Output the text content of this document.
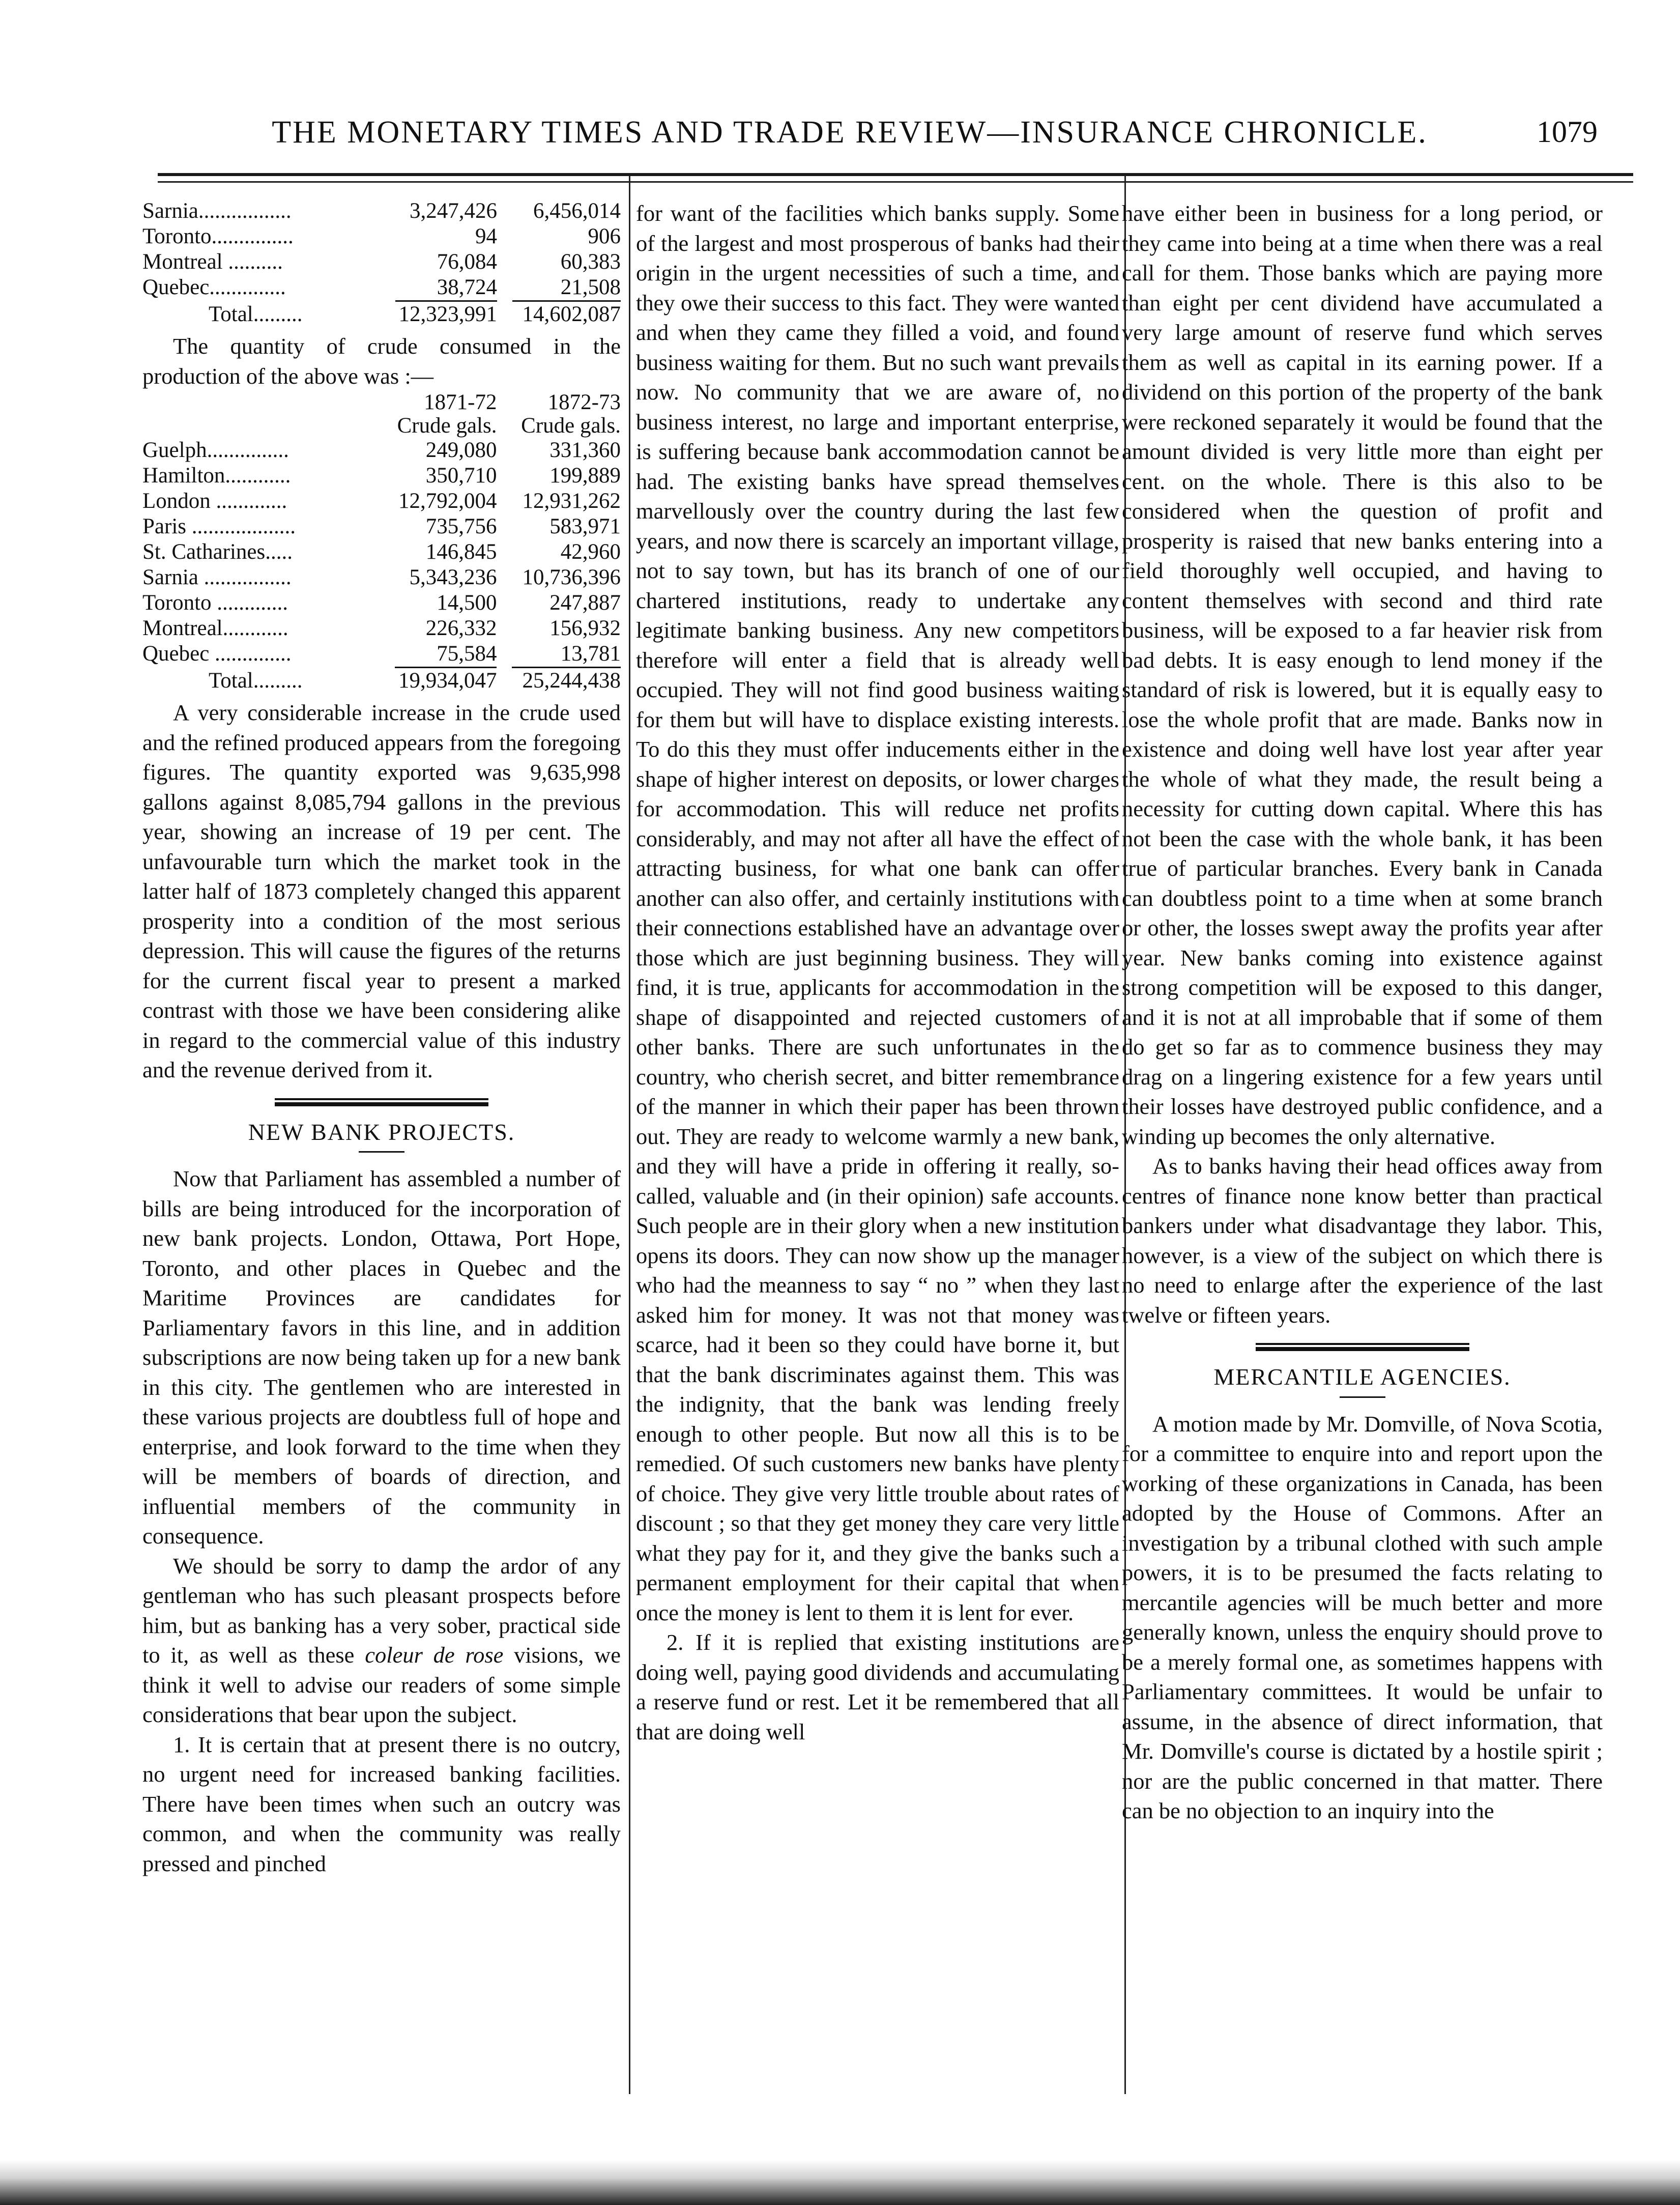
THE MONETARY TIMES AND TRADE REVIEW—INSURANCE CHRONICLE.	1079
Sarnia.................	3,247,426	6,456,014
Toronto...............	94	906
Montreal ..........	76,084	60,383
Quebec..............	38,724	21,508

Total.........	12,323,991	14,602,087

The quantity of crude consumed in the production of the above was :—

	1871-72	1872-73
	Crude gals.	Crude gals.
Guelph...............	249,080	331,360
Hamilton............	350,710	199,889
London .............	12,792,004	12,931,262
Paris ...................	735,756	583,971
St. Catharines.....	146,845	42,960
Sarnia ................	5,343,236	10,736,396
Toronto .............	14,500	247,887
Montreal............	226,332	156,932
Quebec ..............	75,584	13,781

Total.........	19,934,047	25,244,438

A very considerable increase in the crude used and the refined produced appears from the foregoing figures. The quantity exported was 9,635,998 gallons against 8,085,794 gallons in the previous year, showing an increase of 19 per cent. The unfavourable turn which the market took in the latter half of 1873 completely changed this apparent prosperity into a condition of the most serious depression. This will cause the figures of the returns for the current fiscal year to present a marked contrast with those we have been considering alike in regard to the commercial value of this industry and the revenue derived from it.

NEW BANK PROJECTS.

Now that Parliament has assembled a number of bills are being introduced for the incorporation of new bank projects. London, Ottawa, Port Hope, Toronto, and other places in Quebec and the Maritime Provinces are candidates for Parliamentary favors in this line, and in addition subscriptions are now being taken up for a new bank in this city. The gentlemen who are interested in these various projects are doubtless full of hope and enterprise, and look forward to the time when they will be members of boards of direction, and influential members of the community in consequence.

We should be sorry to damp the ardor of any gentleman who has such pleasant prospects before him, but as banking has a very sober, practical side to it, as well as these coleur de rose visions, we think it well to advise our readers of some simple considerations that bear upon the subject.

1. It is certain that at present there is no outcry, no urgent need for increased banking facilities. There have been times when such an outcry was common, and when the community was really pressed and pinched

for want of the facilities which banks supply. Some of the largest and most prosperous of banks had their origin in the urgent necessities of such a time, and they owe their success to this fact. They were wanted and when they came they filled a void, and found business waiting for them. But no such want prevails now. No community that we are aware of, no business interest, no large and important enterprise, is suffering because bank accommodation cannot be had. The existing banks have spread themselves marvellously over the country during the last few years, and now there is scarcely an important village, not to say town, but has its branch of one of our chartered institutions, ready to undertake any legitimate banking business. Any new competitors therefore will enter a field that is already well occupied. They will not find good business waiting for them but will have to displace existing interests. To do this they must offer inducements either in the shape of higher interest on deposits, or lower charges for accommodation. This will reduce net profits considerably, and may not after all have the effect of attracting business, for what one bank can offer another can also offer, and certainly institutions with their connections established have an advantage over those which are just beginning business. They will find, it is true, applicants for accommodation in the shape of disappointed and rejected customers of other banks. There are such unfortunates in the country, who cherish secret, and bitter remembrance of the manner in which their paper has been thrown out. They are ready to welcome warmly a new bank, and they will have a pride in offering it really, so-called, valuable and (in their opinion) safe accounts. Such people are in their glory when a new institution opens its doors. They can now show up the manager who had the meanness to say “ no ” when they last asked him for money. It was not that money was scarce, had it been so they could have borne it, but that the bank discriminates against them. This was the indignity, that the bank was lending freely enough to other people. But now all this is to be remedied. Of such customers new banks have plenty of choice. They give very little trouble about rates of discount ; so that they get money they care very little what they pay for it, and they give the banks such a permanent employment for their capital that when once the money is lent to them it is lent for ever.

2. If it is replied that existing institutions are doing well, paying good dividends and accumulating a reserve fund or rest. Let it be remembered that all that are doing well

have either been in business for a long period, or they came into being at a time when there was a real call for them. Those banks which are paying more than eight per cent dividend have accumulated a very large amount of reserve fund which serves them as well as capital in its earning power. If a dividend on this portion of the property of the bank were reckoned separately it would be found that the amount divided is very little more than eight per cent. on the whole. There is this also to be considered when the question of profit and prosperity is raised that new banks entering into a field thoroughly well occupied, and having to content themselves with second and third rate business, will be exposed to a far heavier risk from bad debts. It is easy enough to lend money if the standard of risk is lowered, but it is equally easy to lose the whole profit that are made. Banks now in existence and doing well have lost year after year the whole of what they made, the result being a necessity for cutting down capital. Where this has not been the case with the whole bank, it has been true of particular branches. Every bank in Canada can doubtless point to a time when at some branch or other, the losses swept away the profits year after year. New banks coming into existence against strong competition will be exposed to this danger, and it is not at all improbable that if some of them do get so far as to commence business they may drag on a lingering existence for a few years until their losses have destroyed public confidence, and a winding up becomes the only alternative.

As to banks having their head offices away from centres of finance none know better than practical bankers under what disadvantage they labor. This, however, is a view of the subject on which there is no need to enlarge after the experience of the last twelve or fifteen years.

MERCANTILE AGENCIES.

A motion made by Mr. Domville, of Nova Scotia, for a committee to enquire into and report upon the working of these organizations in Canada, has been adopted by the House of Commons. After an investigation by a tribunal clothed with such ample powers, it is to be presumed the facts relating to mercantile agencies will be much better and more generally known, unless the enquiry should prove to be a merely formal one, as sometimes happens with Parliamentary committees. It would be unfair to assume, in the absence of direct information, that Mr. Domville's course is dictated by a hostile spirit ; nor are the public concerned in that matter. There can be no objection to an inquiry into the
